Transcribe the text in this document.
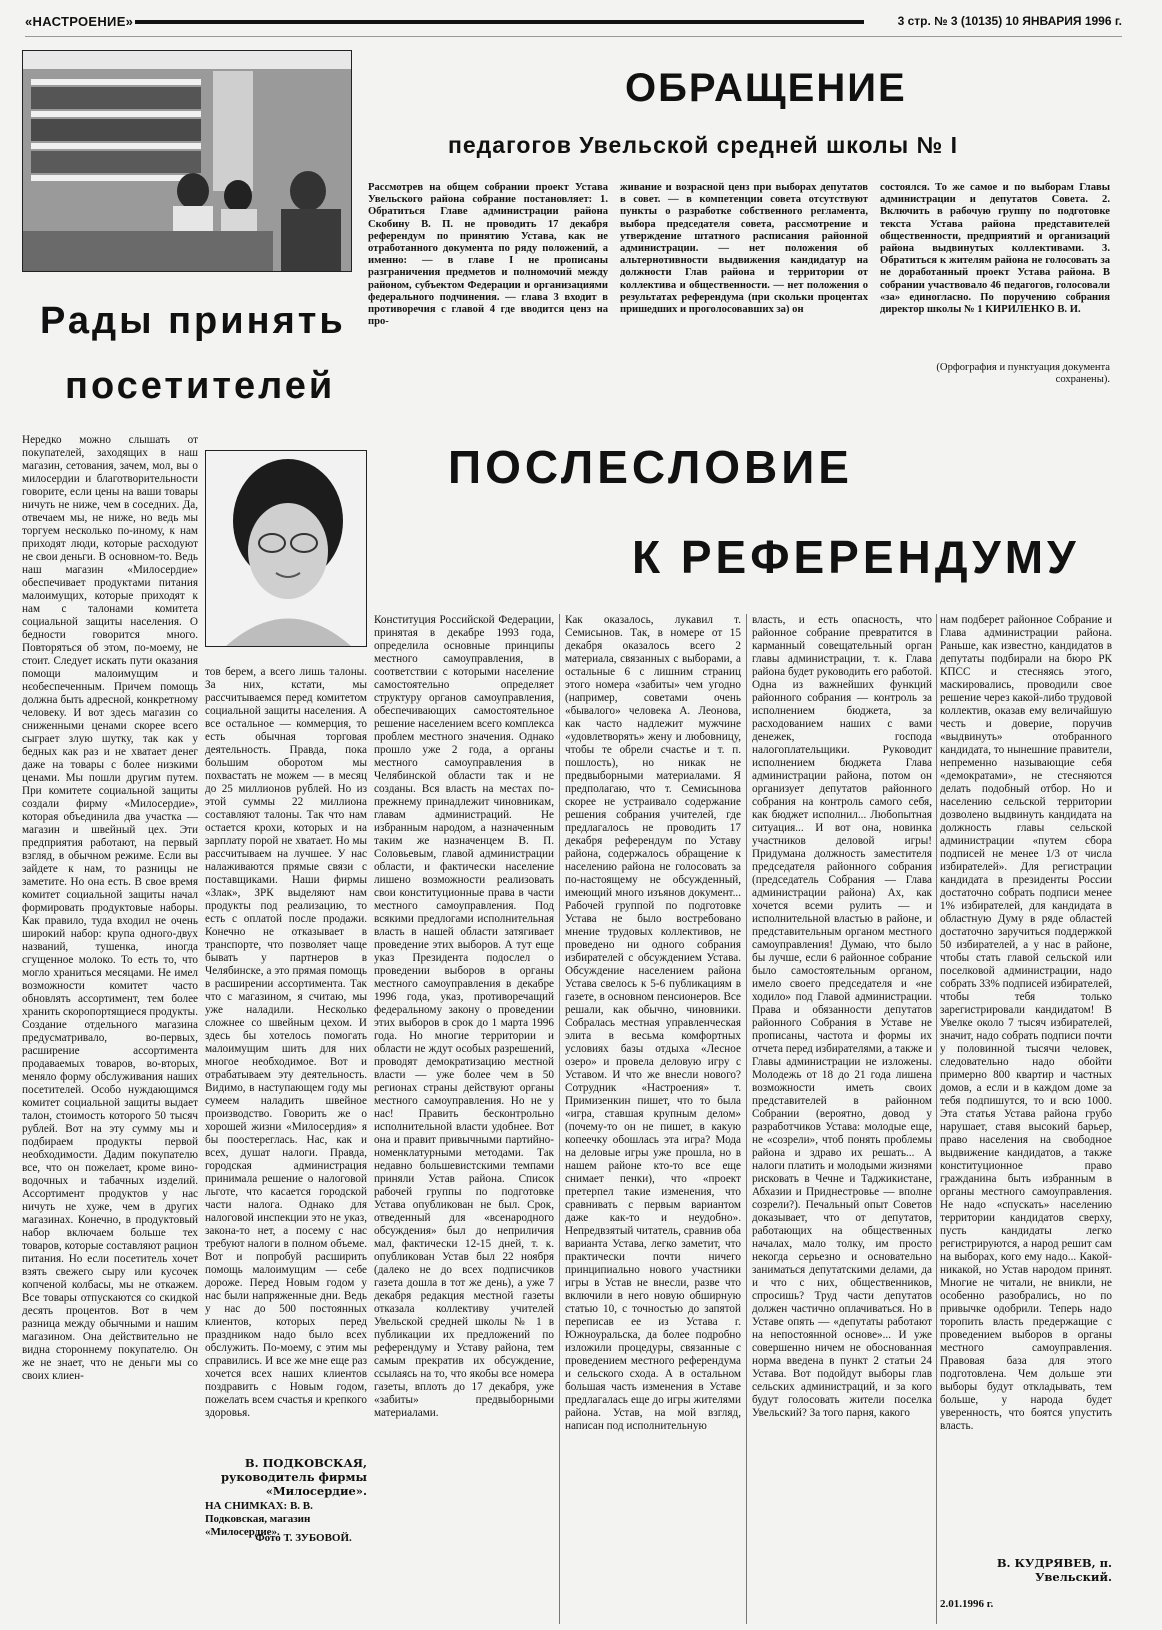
«НАСТРОЕНИЕ»	3 стр. № 3 (10135) 10 ЯНВАРИЯ 1996 г.
ОБРАЩЕНИЕ
педагогов Увельской средней школы № I
Рассмотрев на общем собрании проект Устава Увельского района собрание постановляет: 1. Обратиться Главе администрации района Скобину В. П. не проводить 17 декабря референдум по принятию Устава, как не отработанного документа по ряду положений, а именно: — в главе I не прописаны разграничения предметов и полномочий между районом, субъектом Федерации и организациями федерального подчинения. — глава 3 входит в противоречия с главой 4 где вводится ценз на про-
живание и возрасной ценз при выборах депутатов в совет. — в компетенции совета отсутствуют пункты о разработке собственного регламента, выбора председателя совета, рассмотрение и утверждение штатного расписания районной администрации. — нет положения об альтернотивности выдвижения кандидатур на должности Глав района и территории от коллектива и общественности. — нет положения о результатах референдума (при скольки процентах пришедших и проголосовавших за) он
состоялся. То же самое и по выборам Главы администрации и депутатов Совета. 2. Включить в рабочую группу по подготовке текста Устава района представителей общественности, предприятий и организаций района выдвинутых коллективами. 3. Обратиться к жителям района не голосовать за не доработанный проект Устава района. В собрании участвовало 46 педагогов, голосовали «за» единогласно. По поручению собрания директор школы № 1 КИРИЛЕНКО В. И.
(Орфография и пунктуация документа сохранены).
Рады принять
посетителей
Нередко можно слышать от покупателей, заходящих в наш магазин, сетования, зачем, мол, вы о милосердии и благотворительности говорите, если цены на ваши товары ничуть не ниже, чем в соседних. Да, отвечаем мы, не ниже, но ведь мы торгуем несколько по-иному, к нам приходят люди, которые расходуют не свои деньги. В основном-то. Ведь наш магазин «Милосердие» обеспечивает продуктами питания малоимущих, которые приходят к нам с талонами комитета социальной защиты населения. О бедности говорится много. Повторяться об этом, по-моему, не стоит. Следует искать пути оказания помощи малоимущим и нєобеспеченным. Причем помощь должна быть адресной, конкретному человеку. И вот здесь магазин со сниженными ценами скорее всего сыграет злую шутку, так как у бедных как раз и не хватает денег даже на товары с более низкими ценами. Мы пошли другим путем. При комитете социальной защиты создали фирму «Милосердие», которая объединила два участка — магазин и швейный цех. Эти предприятия работают, на первый взгляд, в обычном режиме. Если вы зайдете к нам, то разницы не заметите. Но она есть. В свое время комитет социальной защиты начал формировать продуктовые наборы. Как правило, туда входил не очень широкий набор: крупа одного-двух названий, тушенка, иногда сгущенное молоко. То есть то, что могло храниться месяцами. Не имел возможности комитет часто обновлять ассортимент, тем более хранить скоропортящиеся продукты. Создание отдельного магазина предусматривало, во-первых, расширение ассортимента продаваемых товаров, во-вторых, меняло форму обслуживания наших посетителей. Особо нуждающимся комитет социальной защиты выдает талон, стоимость которого 50 тысяч рублей. Вот на эту сумму мы и подбираем продукты первой необходимости. Дадим покупателю все, что он пожелает, кроме вино-водочных и табачных изделий. Ассортимент продуктов у нас ничуть не хуже, чем в других магазинах. Конечно, в продуктовый набор включаем больше тех товаров, которые составляют рацион питания. Но если посетитель хочет взять свежего сыру или кусочек копченой колбасы, мы не откажем. Все товары отпускаются со скидкой десять процентов. Вот в чем разница между обычными и нашим магазином. Она действительно не видна стороннему покупателю. Он же не знает, что не деньги мы со своих клиен-
тов берем, а всего лишь талоны. За них, кстати, мы рассчитываемся перед комитетом социальной защиты населения. А все остальное — коммерция, то есть обычная торговая деятельность. Правда, пока большим оборотом мы похвастать не можем — в месяц до 25 миллионов рублей. Но из этой суммы 22 миллиона составляют талоны. Так что нам остается крохи, которых и на зарплату порой не хватает. Но мы рассчитываем на лучшее. У нас налаживаются прямые связи с поставщиками. Наши фирмы «Злак», ЗРК выделяют нам продукты под реализацию, то есть с оплатой после продажи. Конечно не отказывает в транспорте, что позволяет чаще бывать у партнеров в Челябинске, а это прямая помощь в расширении ассортимента. Так что с магазином, я считаю, мы уже наладили. Несколько сложнее со швейным цехом. И здесь бы хотелось помогать малоимущим шить для них многое необходимое. Вот и отрабатываем эту деятельность. Видимо, в наступающем году мы сумеем наладить швейное производство. Говорить же о хорошей жизни «Милосердия» я бы поостереглась. Нас, как и всех, душат налоги. Правда, городская администрация принимала решение о налоговой льготе, что касается городской части налога. Однако для налоговой инспекции это не указ, закона-то нет, а посему с нас требуют налоги в полном объеме. Вот и попробуй расширить помощь малоимущим — себе дороже. Перед Новым годом у нас были напряженные дни. Ведь у нас до 500 постоянных клиентов, которых перед праздником надо было всех обслужить. По-моему, с этим мы справились. И все же мне еще раз хочется всех наших клиентов поздравить с Новым годом, пожелать всем счастья и крепкого здоровья.
В. ПОДКОВСКАЯ, руководитель фирмы «Милосердие».
НА СНИМКАХ: В. В. Подковская, магазин «Милосердие».
Фото Т. ЗУБОВОЙ.
ПОСЛЕСЛОВИЕ
К РЕФЕРЕНДУМУ
Конституция Российской Федерации, принятая в декабре 1993 года, определила основные принципы местного самоуправления, в соответствии с которыми население самостоятельно определяет структуру органов самоуправления, обеспечивающих самостоятельное решение населением всего комплекса проблем местного значения. Однако прошло уже 2 года, а органы местного самоуправления в Челябинской области так и не созданы. Вся власть на местах по-прежнему принадлежит чиновникам, главам администраций. Не избранным народом, а назначенным таким же назначенцем В. П. Соловьевым, главой администрации области, и фактически население лишено возможности реализовать свои конституционные права в части местного самоуправления. Под всякими предлогами исполнительная власть в нашей области затягивает проведение этих выборов. А тут еще указ Президента подослел о проведении выборов в органы местного самоуправления в декабре 1996 года, указ, противоречащий федеральному закону о проведении этих выборов в срок до 1 марта 1996 года. Но многие территории и области не ждут особых разрешений, проводят демократизацию местной власти — уже более чем в 50 регионах страны действуют органы местного самоуправления. Но не у нас! Править бесконтрольно исполнительной власти удобнее. Вот она и правит привычными партийно-номенклатурными методами. Так недавно большевистскими темпами приняли Устав района. Список рабочей группы по подготовке Устава опубликован не был. Срок, отведенный для «всенародного обсуждения» был до неприличия мал, фактически 12-15 дней, т. к. опубликован Устав был 22 ноября (далеко не до всех подписчиков газета дошла в тот же день), а уже 7 декабря редакция местной газеты отказала коллективу учителей Увельской средней школы № 1 в публикации их предложений по референдуму и Уставу района, тем самым прекратив их обсуждение, ссылаясь на то, что якобы все номера газеты, вплоть до 17 декабря, уже «забиты» предвыборными материалами.
Как оказалось, лукавил т. Семисынов. Так, в номере от 15 декабря оказалось всего 2 материала, связанных с выборами, а остальные 6 с лишним страниц этого номера «забиты» чем угодно (например, советами очень «бывалого» человека А. Леонова, как часто надлежит мужчине «удовлетворять» жену и любовницу, чтобы те обрели счастье и т. п. пошлость), но никак не предвыборными материалами. Я предполагаю, что т. Семисынова скорее не устраивало содержание решения собрания учителей, где предлагалось не проводить 17 декабря референдум по Уставу района, содержалось обращение к населению района не голосовать за по-настоящему не обсужденный, имеющий много изъянов документ... Рабочей группой по подготовке Устава не было востребовано мнение трудовых коллективов, не проведено ни одного собрания избирателей с обсуждением Устава. Обсуждение населением района Устава свелось к 5-6 публикациям в газете, в основном пенсионеров. Все решали, как обычно, чиновники. Собралась местная управленческая элита в весьма комфортных условиях базы отдыха «Лесное озеро» и провела деловую игру с Уставом. И что же внесли нового? Сотрудник «Настроения» т. Примизенкин пишет, что то была «игра, ставшая крупным делом» (почему-то он не пишет, в какую копеечку обошлась эта игра? Мода на деловые игры уже прошла, но в нашем районе кто-то все еще снимает пенки), что «проект претерпел такие изменения, что сравнивать с первым вариантом даже как-то и неудобно». Непредвзятый читатель, сравнив оба варианта Устава, легко заметит, что практически почти ничего принципиально нового участники игры в Устав не внесли, разве что включили в него новую обширную статью 10, с точностью до запятой переписав ее из Устава г. Южноуральска, да более подробно изложили процедуры, связанные с проведением местного референдума и сельского схода. А в остальном большая часть изменения в Уставе предлагалась еще до игры жителями района. Устав, на мой взгляд, написан под исполнительную
власть, и есть опасность, что районное собрание превратится в карманный совещательный орган главы администрации, т. к. Глава района будет руководить его работой. Одна из важнейших функций районного собрания — контроль за исполнением бюджета, за расходованием наших с вами денежек, господа налогоплательщики. Руководит исполнением бюджета Глава администрации района, потом он организует депутатов районного собрания на контроль самого себя, как бюджет исполнил... Любопытная ситуация... И вот она, новинка участников деловой игры! Придумана должность заместителя председателя районного собрания (председатель Собрания — Глава администрации района) Ах, как хочется всеми рулить — и исполнительной властью в районе, и представительным органом местного самоуправления! Думаю, что было бы лучше, если 6 районное собрание было самостоятельным органом, имело своего председателя и «не ходило» под Главой администрации. Права и обязанности депутатов районного Собрания в Уставе не прописаны, частота и формы их отчета перед избирателями, а также и Главы администрации не изложены. Молодежь от 18 до 21 года лишена возможности иметь своих представителей в районном Собрании (вероятно, довод у разработчиков Устава: молодые еще, не «созрели», чтоб понять проблемы района и здраво их решать... А налоги платить и молодыми жизнями рисковать в Чечне и Таджикистане, Абхазии и Приднестровье — вполне созрели?). Печальный опыт Советов доказывает, что от депутатов, работающих на общественных началах, мало толку, им просто некогда серьезно и основательно заниматься депутатскими делами, да и что с них, общественников, спросишь? Труд части депутатов должен частично оплачиваться. Но в Уставе опять — «депутаты работают на непостоянной основе»... И уже совершенно ничем не обоснованная норма введена в пункт 2 статьи 24 Устава. Вот подойдут выборы глав сельских администраций, и за кого будут голосовать жители поселка Увельский? За того парня, какого
нам подберет районное Собрание и Глава администрации района. Раньше, как известно, кандидатов в депутаты подбирали на бюро РК КПСС и стесняясь этого, маскировались, проводили свое решение через какой-либо трудовой коллектив, оказав ему величайшую честь и доверие, поручив «выдвинуть» отобранного кандидата, то нынешние правители, непременно называющие себя «демократами», не стесняются делать подобный отбор. Но и населению сельской территории дозволено выдвинуть кандидата на должность главы сельской администрации «путем сбора подписей не менее 1/3 от числа избирателей». Для регистрации кандидата в президенты России достаточно собрать подписи менее 1% избирателей, для кандидата в областную Думу в ряде областей достаточно заручиться поддержкой 50 избирателей, а у нас в районе, чтобы стать главой сельской или поселковой администрации, надо собрать 33% подписей избирателей, чтобы тебя только зарегистрировали кандидатом! В Увелке около 7 тысяч избирателей, значит, надо собрать подписи почти у половинной тысячи человек, следовательно надо обойти примерно 800 квартир и частных домов, а если и в каждом доме за тебя подпишутся, то и всю 1000. Эта статья Устава района грубо нарушает, ставя высокий барьер, право населения на свободное выдвижение кандидатов, а также конституционное право гражданина быть избранным в органы местного самоуправления. Не надо «спускать» населению территории кандидатов сверху, пусть кандидаты легко регистрируются, а народ решит сам на выборах, кого ему надо... Какой-никакой, но Устав народом принят. Многие не читали, не вникли, не особенно разобрались, но по привычке одобрили. Теперь надо торопить власть предержащие с проведением выборов в органы местного самоуправления. Правовая база для этого подготовлена. Чем дольше эти выборы будут откладывать, тем больше, у народа будет уверенность, что боятся упустить власть.
В. КУДРЯВЕВ, п. Увельский.
2.01.1996 г.
